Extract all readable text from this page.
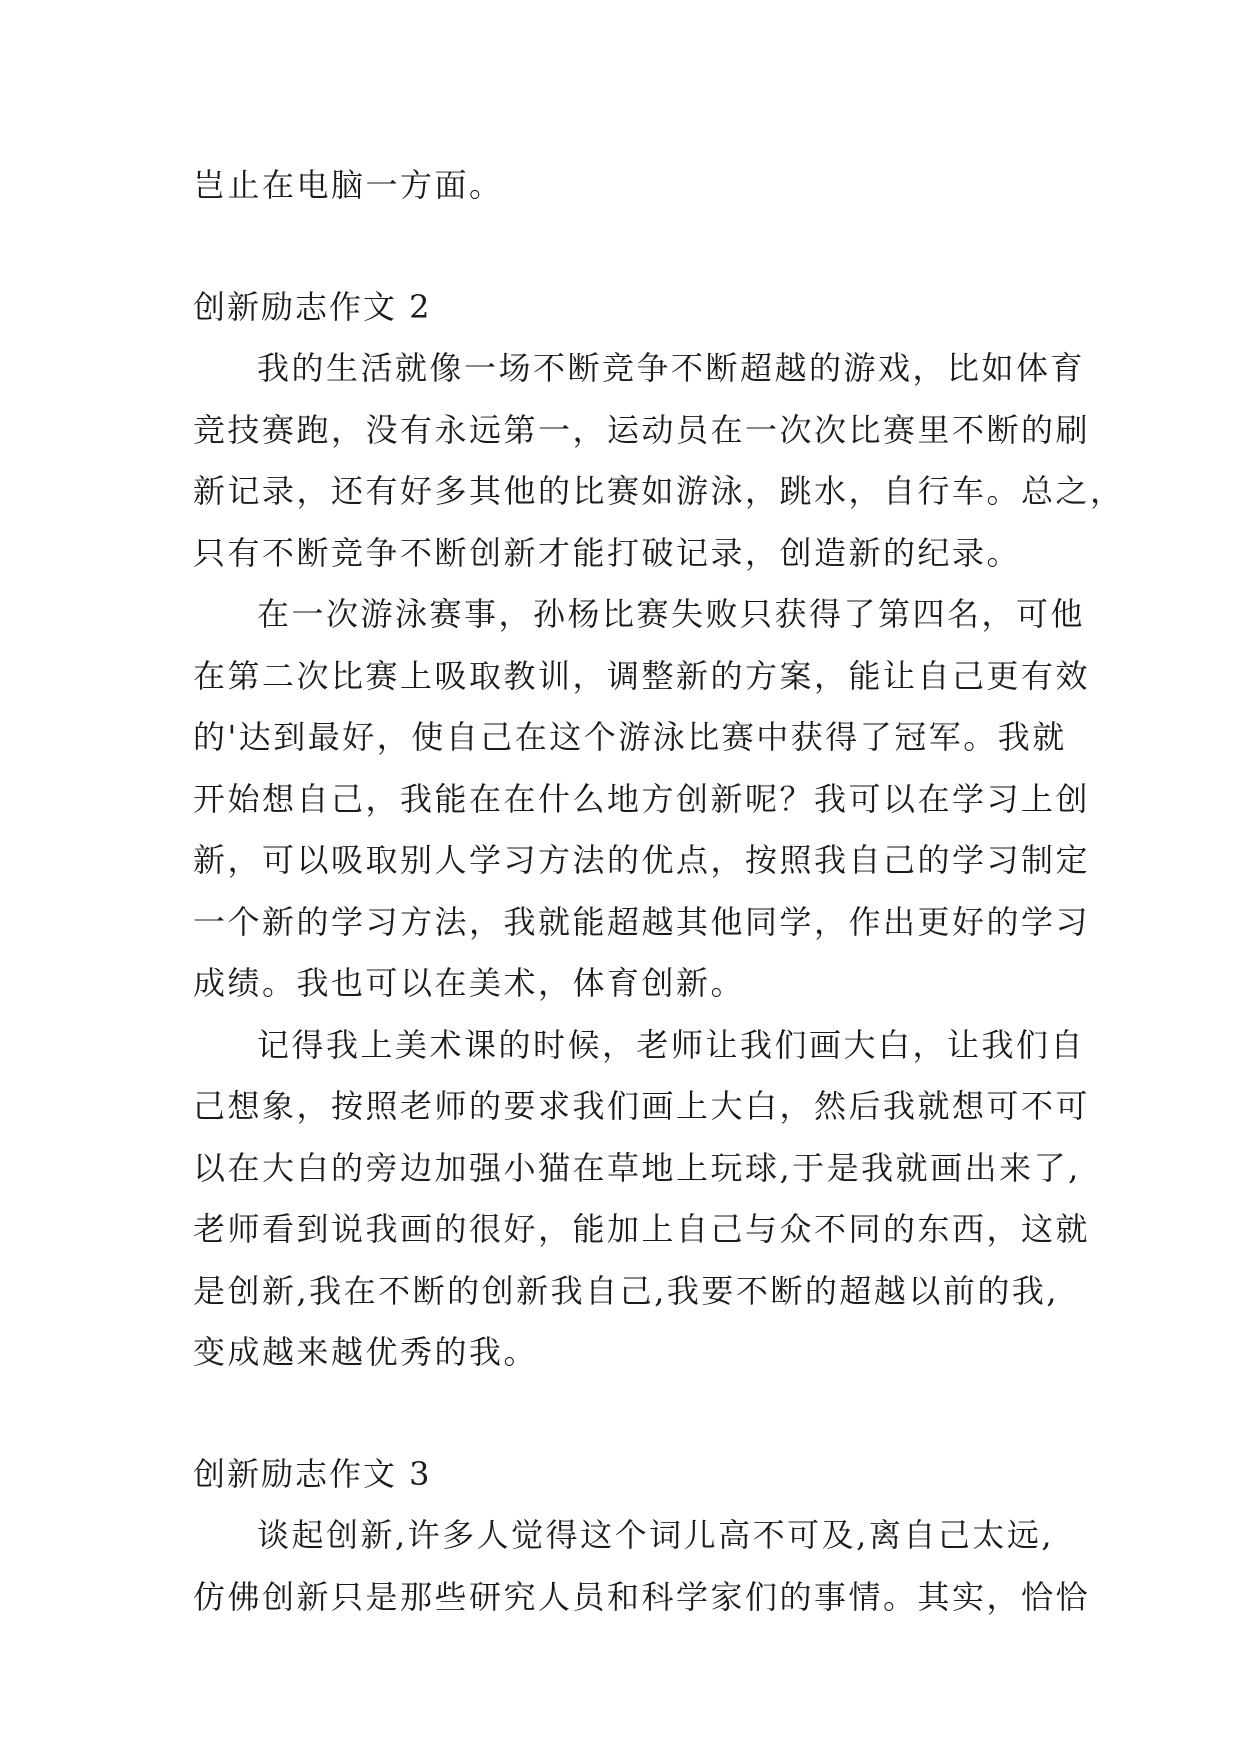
岂止在电脑一方面。
创新励志作文 2
我的生活就像一场不断竞争不断超越的游戏，比如体育
竞技赛跑，没有永远第一，运动员在一次次比赛里不断的刷
新记录，还有好多其他的比赛如游泳，跳水，自行车。总之，
只有不断竞争不断创新才能打破记录，创造新的纪录。
在一次游泳赛事，孙杨比赛失败只获得了第四名，可他
在第二次比赛上吸取教训，调整新的方案，能让自己更有效
的'达到最好，使自己在这个游泳比赛中获得了冠军。我就
开始想自己，我能在在什么地方创新呢？我可以在学习上创
新，可以吸取别人学习方法的优点，按照我自己的学习制定
一个新的学习方法，我就能超越其他同学，作出更好的学习
成绩。我也可以在美术，体育创新。
记得我上美术课的时候，老师让我们画大白，让我们自
己想象，按照老师的要求我们画上大白，然后我就想可不可
以在大白的旁边加强小猫在草地上玩球,于是我就画出来了,
老师看到说我画的很好，能加上自己与众不同的东西，这就
是创新,我在不断的创新我自己,我要不断的超越以前的我,
变成越来越优秀的我。
创新励志作文 3
谈起创新,许多人觉得这个词儿高不可及,离自己太远,
仿佛创新只是那些研究人员和科学家们的事情。其实，恰恰
